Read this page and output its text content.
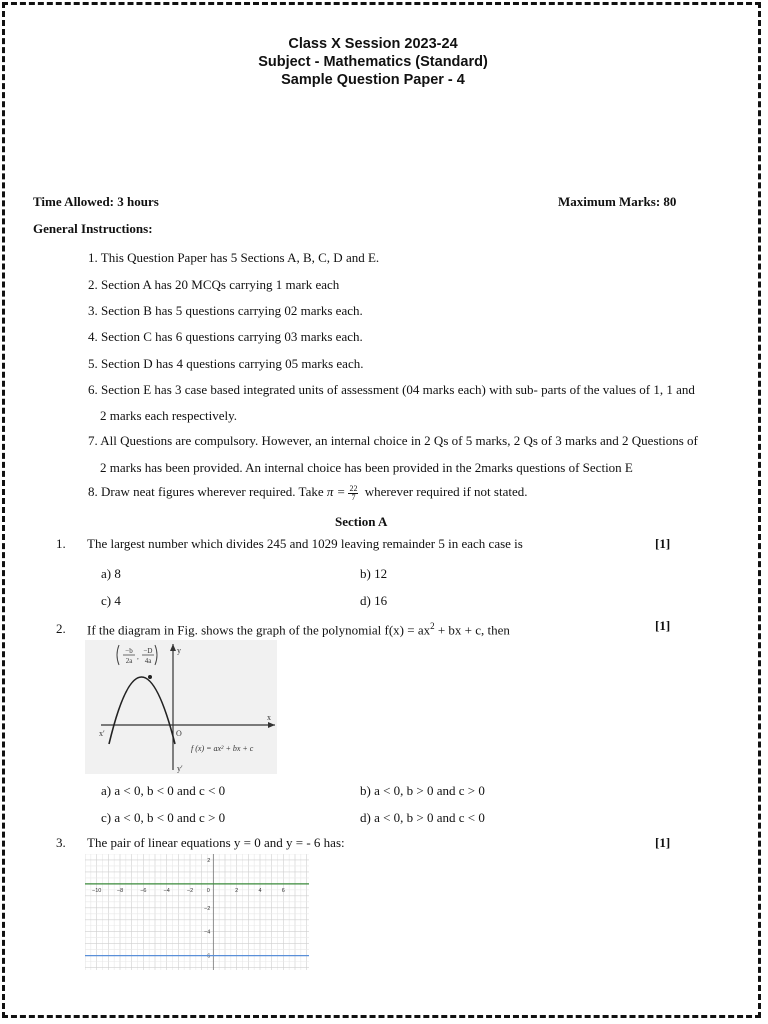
Class X Session 2023-24
Subject - Mathematics (Standard)
Sample Question Paper - 4
Time Allowed: 3 hours	Maximum Marks: 80
General Instructions:
1. This Question Paper has 5 Sections A, B, C, D and E.
2. Section A has 20 MCQs carrying 1 mark each
3. Section B has 5 questions carrying 02 marks each.
4. Section C has 6 questions carrying 03 marks each.
5. Section D has 4 questions carrying 05 marks each.
6. Section E has 3 case based integrated units of assessment (04 marks each) with sub- parts of the values of 1, 1 and
2 marks each respectively.
7. All Questions are compulsory. However, an internal choice in 2 Qs of 5 marks, 2 Qs of 3 marks and 2 Questions of
2 marks has been provided. An internal choice has been provided in the 2marks questions of Section E
8. Draw neat figures wherever required. Take $\pi = \frac{22}{7}$ wherever required if not stated.
Section A
1. The largest number which divides 245 and 1029 leaving remainder 5 in each case is	[1]
a) 8	b) 12
c) 4	d) 16
2. If the diagram in Fig. shows the graph of the polynomial $f(x) = ax^2$ + bx + c, then	[1]
−b
2a ,
−D
4a
y
y′
x
x′	O
f (x) = ax² + bx + c
a) a < 0, b < 0 and c < 0	b) a < 0, b > 0 and c > 0
c) a < 0, b < 0 and c > 0	d) a < 0, b > 0 and c < 0
3. The pair of linear equations y = 0 and y = - 6 has:	[1]
−10	−8	−6	−4	−2 0	2	4	6
2
−2
−4
−6
